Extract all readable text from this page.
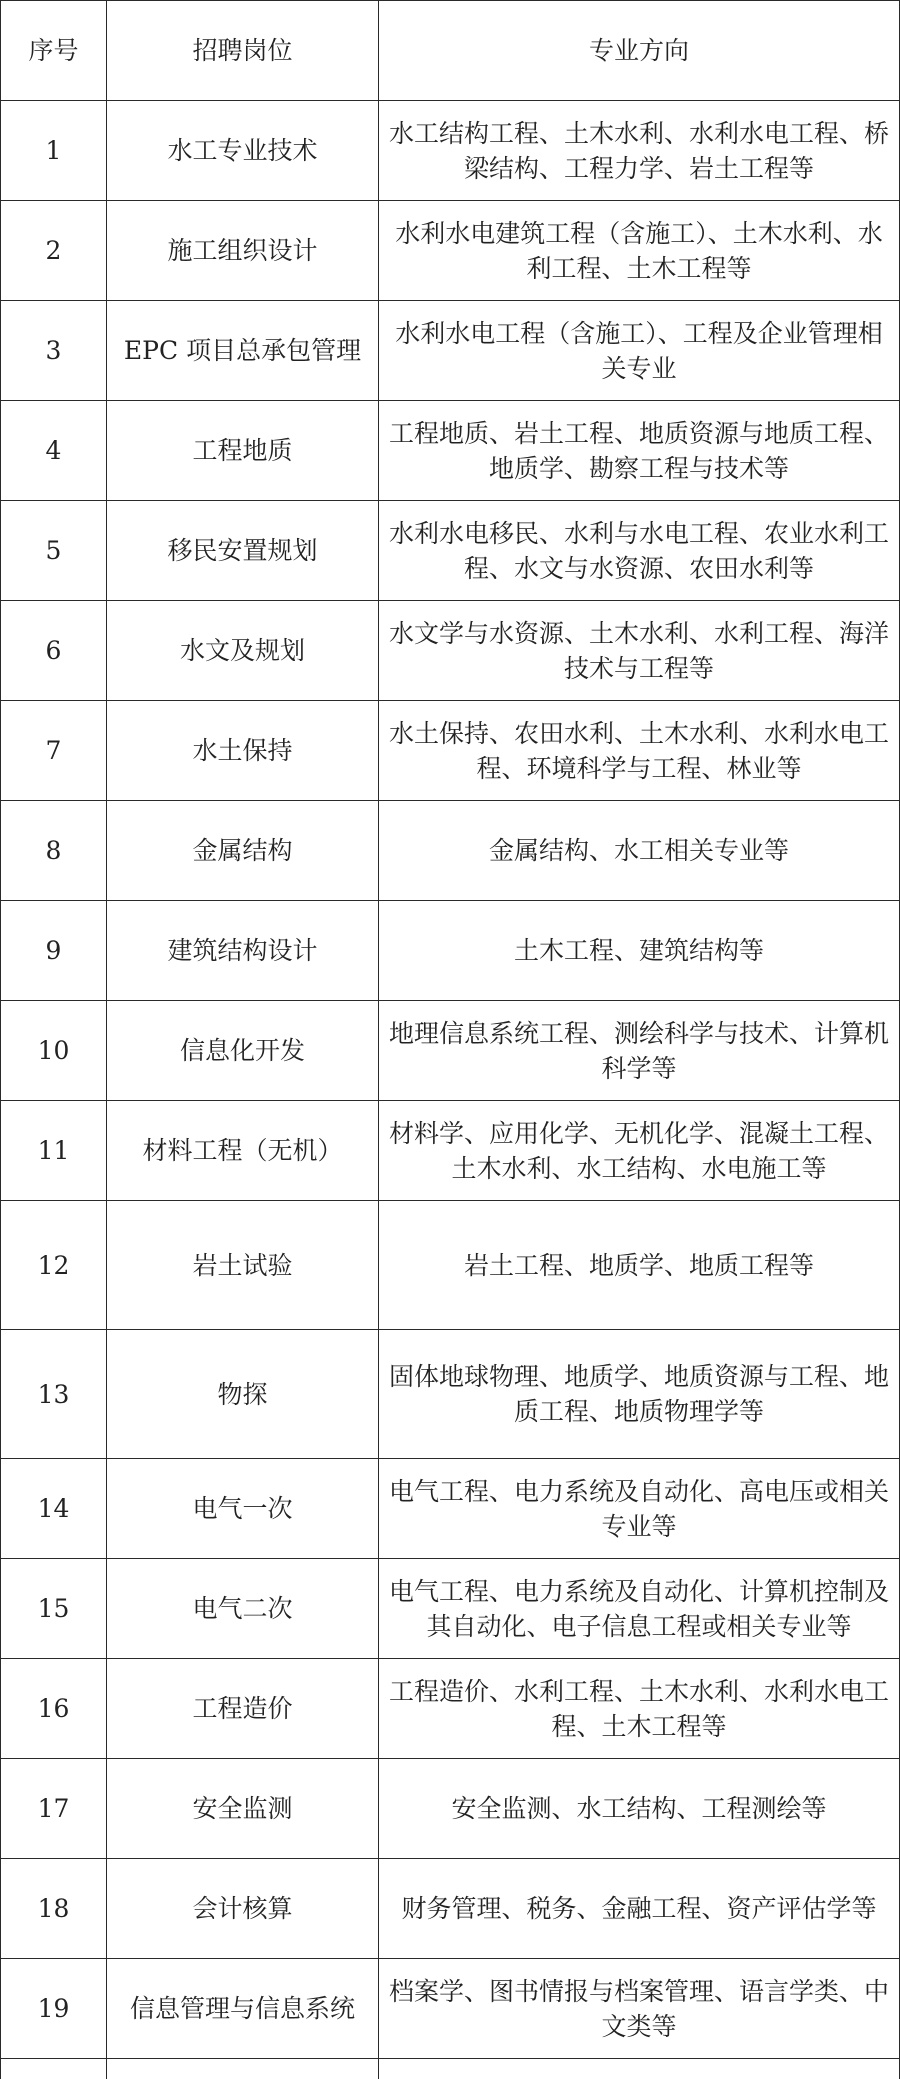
序号	招聘岗位	专业方向
1	水工专业技术	水工结构工程、土木水利、水利水电工程、桥梁结构、工程力学、岩土工程等

2	施工组织设计	水利水电建筑工程（含施工）、土木水利、水利工程、土木工程等

3	EPC 项目总承包管理	水利水电工程（含施工）、工程及企业管理相关专业

4	工程地质	工程地质、岩土工程、地质资源与地质工程、地质学、勘察工程与技术等

5	移民安置规划	水利水电移民、水利与水电工程、农业水利工程、水文与水资源、农田水利等

6	水文及规划	水文学与水资源、土木水利、水利工程、海洋技术与工程等

7	水土保持	水土保持、农田水利、土木水利、水利水电工程、环境科学与工程、林业等

8	金属结构	金属结构、水工相关专业等

9	建筑结构设计	土木工程、建筑结构等

10	信息化开发	地理信息系统工程、测绘科学与技术、计算机科学等

11	材料工程（无机）	材料学、应用化学、无机化学、混凝土工程、土木水利、水工结构、水电施工等

12	岩土试验	岩土工程、地质学、地质工程等

13	物探	固体地球物理、地质学、地质资源与工程、地质工程、地质物理学等

14	电气一次	电气工程、电力系统及自动化、高电压或相关专业等

15	电气二次	电气工程、电力系统及自动化、计算机控制及其自动化、电子信息工程或相关专业等

16	工程造价	工程造价、水利工程、土木水利、水利水电工程、土木工程等

17	安全监测	安全监测、水工结构、工程测绘等

18	会计核算	财务管理、税务、金融工程、资产评估学等

19	信息管理与信息系统	档案学、图书情报与档案管理、语言学类、中文类等
